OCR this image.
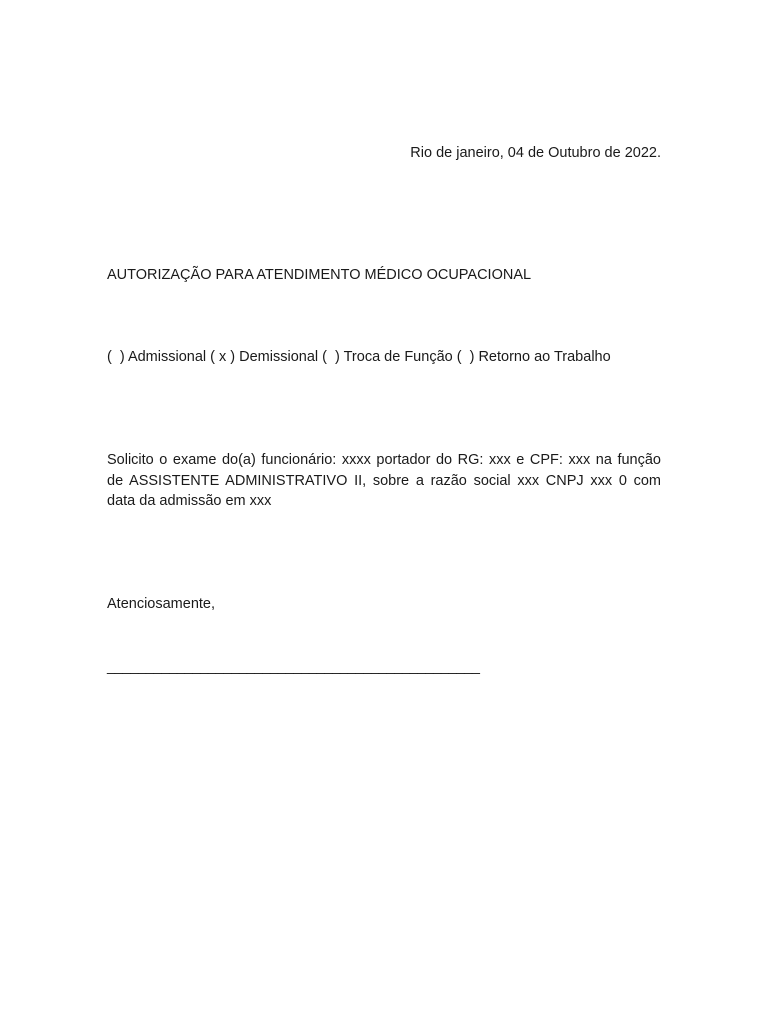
Rio de janeiro, 04 de Outubro de 2022.
AUTORIZAÇÃO PARA ATENDIMENTO MÉDICO OCUPACIONAL
(  ) Admissional ( x ) Demissional (  ) Troca de Função (  ) Retorno ao Trabalho
Solicito o exame do(a) funcionário: xxxx portador do RG: xxx e CPF: xxx na função
de ASSISTENTE ADMINISTRATIVO II, sobre a razão social xxx CNPJ xxx 0 com
data da admissão em xxx
Atenciosamente,
________________________________________________
